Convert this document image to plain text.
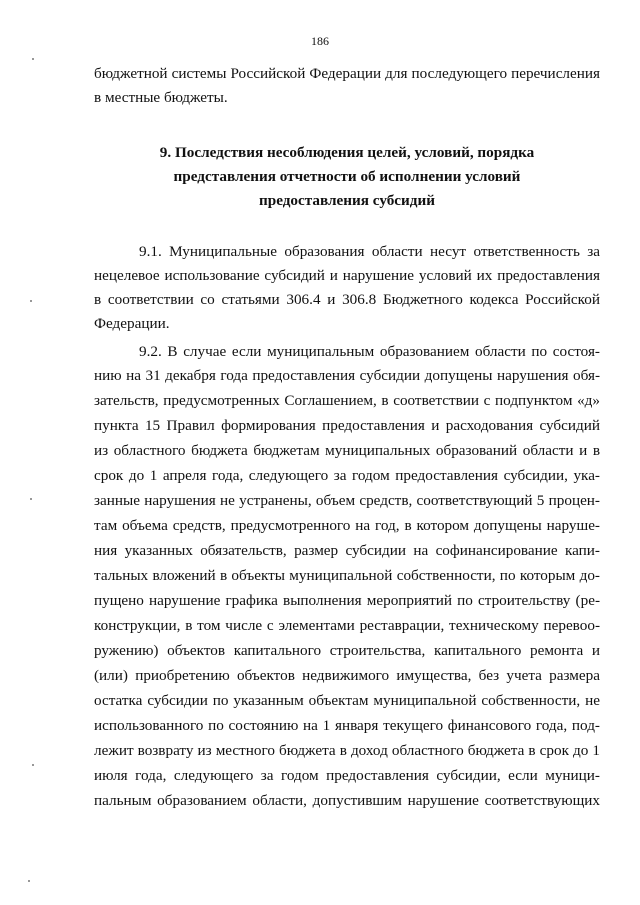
186
бюджетной системы Российской Федерации для последующего перечисления
в местные бюджеты.
9. Последствия несоблюдения целей, условий, порядка
представления отчетности об исполнении условий
предоставления субсидий
9.1. Муниципальные образования области несут ответственность за
нецелевое использование субсидий и нарушение условий их предоставления
в соответствии со статьями 306.4 и 306.8 Бюджетного кодекса Российской
Федерации.
9.2. В случае если муниципальным образованием области по состоя-
нию на 31 декабря года предоставления субсидии допущены нарушения обя-
зательств, предусмотренных Соглашением, в соответствии с подпунктом «д»
пункта 15 Правил формирования предоставления и расходования субсидий
из областного бюджета бюджетам муниципальных образований области и в
срок до 1 апреля года, следующего за годом предоставления субсидии, ука-
занные нарушения не устранены, объем средств, соответствующий 5 процен-
там объема средств, предусмотренного на год, в котором допущены наруше-
ния указанных обязательств, размер субсидии на софинансирование капи-
тальных вложений в объекты муниципальной собственности, по которым до-
пущено нарушение графика выполнения мероприятий по строительству (ре-
конструкции, в том числе с элементами реставрации, техническому перевоо-
ружению) объектов капитального строительства, капитального ремонта и
(или) приобретению объектов недвижимого имущества, без учета размера
остатка субсидии по указанным объектам муниципальной собственности, не
использованного по состоянию на 1 января текущего финансового года, под-
лежит возврату из местного бюджета в доход областного бюджета в срок до 1
июля года, следующего за годом предоставления субсидии, если муници-
пальным образованием области, допустившим нарушение соответствующих
